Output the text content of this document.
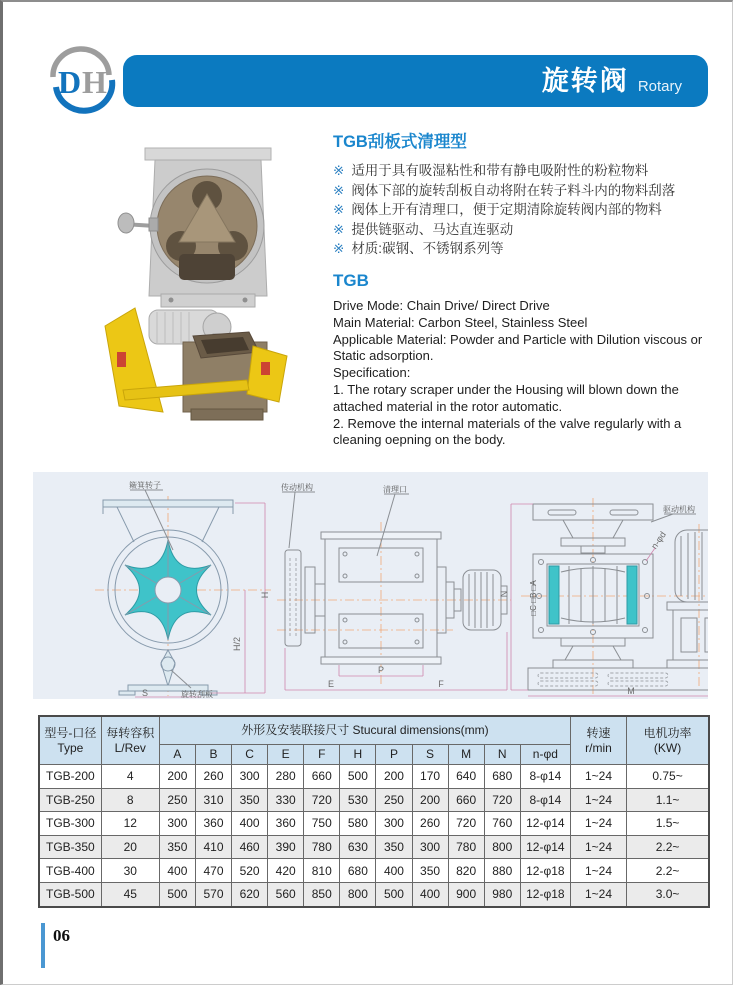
D H	旋转阀 Rotary
TGB刮板式清理型
※ 适用于具有吸湿粘性和带有静电吸附性的粉粒物料
※ 阀体下部的旋转刮板自动将附在转子料斗内的物料刮落
※ 阀体上开有清理口，便于定期清除旋转阀内部的物料
※ 提供链驱动、马达直连驱动
※ 材质:碳钢、不锈钢系列等
TGB

Drive Mode: Chain Drive/ Direct Drive

Main Material: Carbon Steel, Stainless Steel

Applicable Material: Powder and Particle with Dilution viscous or Static adsorption.

Specification:

1. The rotary scraper under the Housing will blown down the attached material in the rotor automatic.

2. Remove the internal materials of the valve regularly with a cleaning oepning on the body.

H
H/2
S
簸箕转子
旋转刮板
P
E	F
传动机构	清理口
N
M
n-φd
□C □B □A
驱动机构
型号-口径
Type

每转容积
L/Rev
	外形及安装联接尺寸 Stucural dimensions(mm)	转速
r/min

电机功率
(KW)

		A	B	C	E	F	H	P	S	M	N	n-φd		
TGB-200	4	200	260	300	280	660	500	200	170	640	680	8-φ14	1~24	0.75~
TGB-250	8	250	310	350	330	720	530	250	200	660	720	8-φ14	1~24	1.1~
TGB-300	12	300	360	400	360	750	580	300	260	720	760	12-φ14	1~24	1.5~
TGB-350	20	350	410	460	390	780	630	350	300	780	800	12-φ14	1~24	2.2~
TGB-400	30	400	470	520	420	810	680	400	350	820	880	12-φ18	1~24	2.2~
TGB-500	45	500	570	620	560	850	800	500	400	900	980	12-φ18	1~24	3.0~
06
